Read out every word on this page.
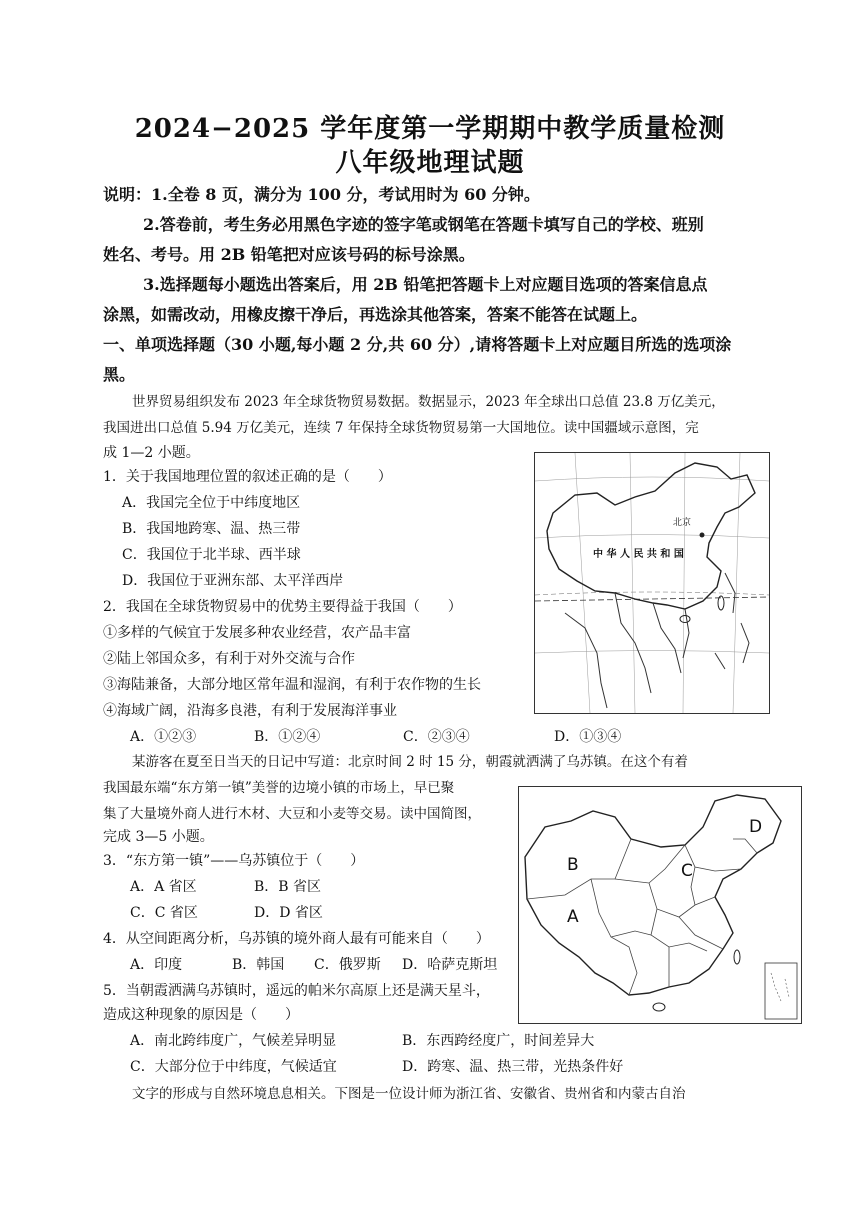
2024−2025 学年度第一学期期中教学质量检测
八年级地理试题
说明：1.全卷 8 页，满分为 100 分，考试用时为 60 分钟。
2.答卷前，考生务必用黑色字迹的签字笔或钢笔在答题卡填写自己的学校、班别
姓名、考号。用 2B 铅笔把对应该号码的标号涂黑。
3.选择题每小题选出答案后，用 2B 铅笔把答题卡上对应题目选项的答案信息点
涂黑，如需改动，用橡皮擦干净后，再选涂其他答案，答案不能答在试题上。
一、单项选择题（30 小题,每小题 2 分,共 60 分）,请将答题卡上对应题目所选的选项涂
黑。
世界贸易组织发布 2023 年全球货物贸易数据。数据显示，2023 年全球出口总值 23.8 万亿美元，
我国进出口总值 5.94 万亿美元，连续 7 年保持全球货物贸易第一大国地位。读中国疆域示意图，完
成 1—2 小题。
1．关于我国地理位置的叙述正确的是（　　）
A．我国完全位于中纬度地区
B．我国地跨寒、温、热三带
C．我国位于北半球、西半球
D．我国位于亚洲东部、太平洋西岸
2．我国在全球货物贸易中的优势主要得益于我国（　　）
①多样的气候宜于发展多种农业经营，农产品丰富
②陆上邻国众多，有利于对外交流与合作
③海陆兼备，大部分地区常年温和湿润，有利于农作物的生长
④海域广阔，沿海多良港，有利于发展海洋事业
A．①②③	B．①②④	C．②③④	D．①③④
北京
中 华 人 民 共 和 国
某游客在夏至日当天的日记中写道：北京时间 2 时 15 分，朝霞就洒满了乌苏镇。在这个有着
我国最东端“东方第一镇”美誉的边境小镇的市场上，早已聚
集了大量境外商人进行木材、大豆和小麦等交易。读中国简图，
完成 3—5 小题。
3．“东方第一镇”——乌苏镇位于（　　）
A．A 省区	B．B 省区
C．C 省区	D．D 省区
4．从空间距离分析，乌苏镇的境外商人最有可能来自（　　）
A．印度	B．韩国 C．俄罗斯 D．哈萨克斯坦
5．当朝霞洒满乌苏镇时，遥远的帕米尔高原上还是满天星斗，
造成这种现象的原因是（　　）
A．南北跨纬度广，气候差异明显	B．东西跨经度广，时间差异大
C．大部分位于中纬度，气候适宜	D．跨寒、温、热三带，光热条件好
A
B	C
D
文字的形成与自然环境息息相关。下图是一位设计师为浙江省、安徽省、贵州省和内蒙古自治
